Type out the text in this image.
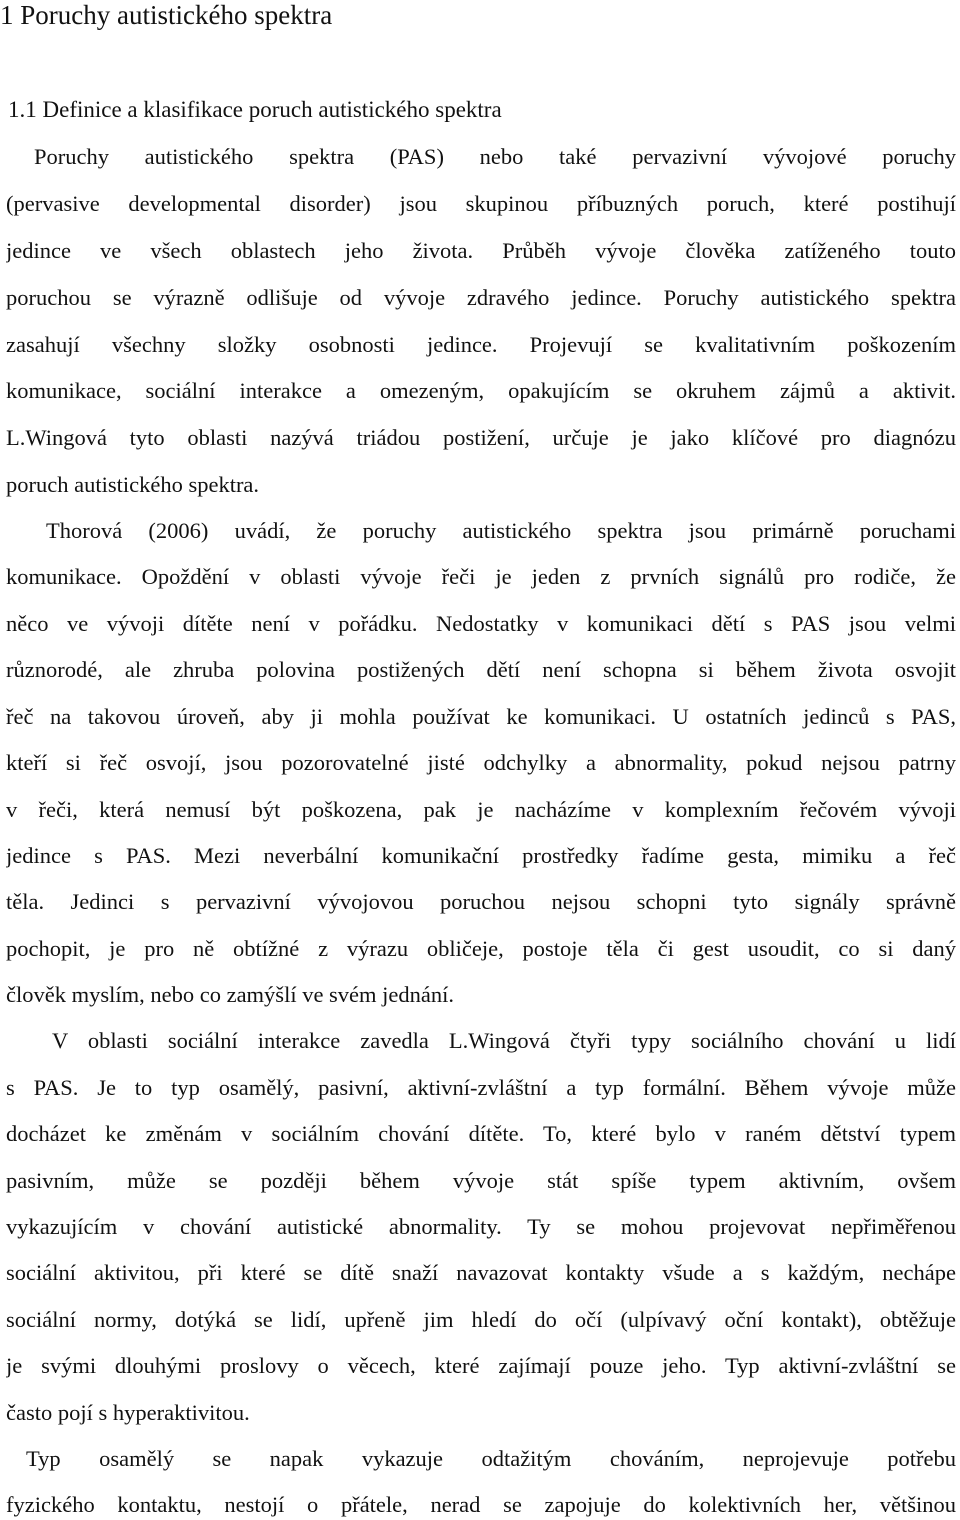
1 Poruchy autistického spektra
1.1 Definice a klasifikace poruch autistického spektra
Poruchy autistického spektra (PAS) nebo také pervazivní vývojové poruchy
(pervasive developmental disorder) jsou skupinou příbuzných poruch, které postihují
jedince ve všech oblastech jeho života. Průběh vývoje člověka zatíženého touto
poruchou se výrazně odlišuje od vývoje zdravého jedince. Poruchy autistického spektra
zasahují všechny složky osobnosti jedince. Projevují se kvalitativním poškozením
komunikace, sociální interakce a omezeným, opakujícím se okruhem zájmů a aktivit.
L.Wingová tyto oblasti nazývá triádou postižení, určuje je jako klíčové pro diagnózu
poruch autistického spektra.
Thorová (2006) uvádí, že poruchy autistického spektra jsou primárně poruchami
komunikace. Opoždění v oblasti vývoje řeči je jeden z prvních signálů pro rodiče, že
něco ve vývoji dítěte není v pořádku. Nedostatky v komunikaci dětí s PAS jsou velmi
různorodé, ale zhruba polovina postižených dětí není schopna si během života osvojit
řeč na takovou úroveň, aby ji mohla používat ke komunikaci. U ostatních jedinců s PAS,
kteří si řeč osvojí, jsou pozorovatelné jisté odchylky a abnormality, pokud nejsou patrny
v řeči, která nemusí být poškozena, pak je nacházíme v komplexním řečovém vývoji
jedince s PAS. Mezi neverbální komunikační prostředky řadíme gesta, mimiku a řeč
těla. Jedinci s pervazivní vývojovou poruchou nejsou schopni tyto signály správně
pochopit, je pro ně obtížné z výrazu obličeje, postoje těla či gest usoudit, co si daný
člověk myslím, nebo co zamýšlí ve svém jednání.
V oblasti sociální interakce zavedla L.Wingová čtyři typy sociálního chování u lidí
s PAS. Je to typ osamělý, pasivní, aktivní-zvláštní a typ formální. Během vývoje může
docházet ke změnám v sociálním chování dítěte. To, které bylo v raném dětství typem
pasivním, může se později během vývoje stát spíše typem aktivním, ovšem
vykazujícím v chování autistické abnormality. Ty se mohou projevovat nepřiměřenou
sociální aktivitou, při které se dítě snaží navazovat kontakty všude a s každým, nechápe
sociální normy, dotýká se lidí, upřeně jim hledí do očí (ulpívavý oční kontakt), obtěžuje
je svými dlouhými proslovy o věcech, které zajímají pouze jeho. Typ aktivní-zvláštní se
často pojí s hyperaktivitou.
Typ osamělý se napak vykazuje odtažitým chováním, neprojevuje potřebu
fyzického kontaktu, nestojí o přátele, nerad se zapojuje do kolektivních her, většinou
